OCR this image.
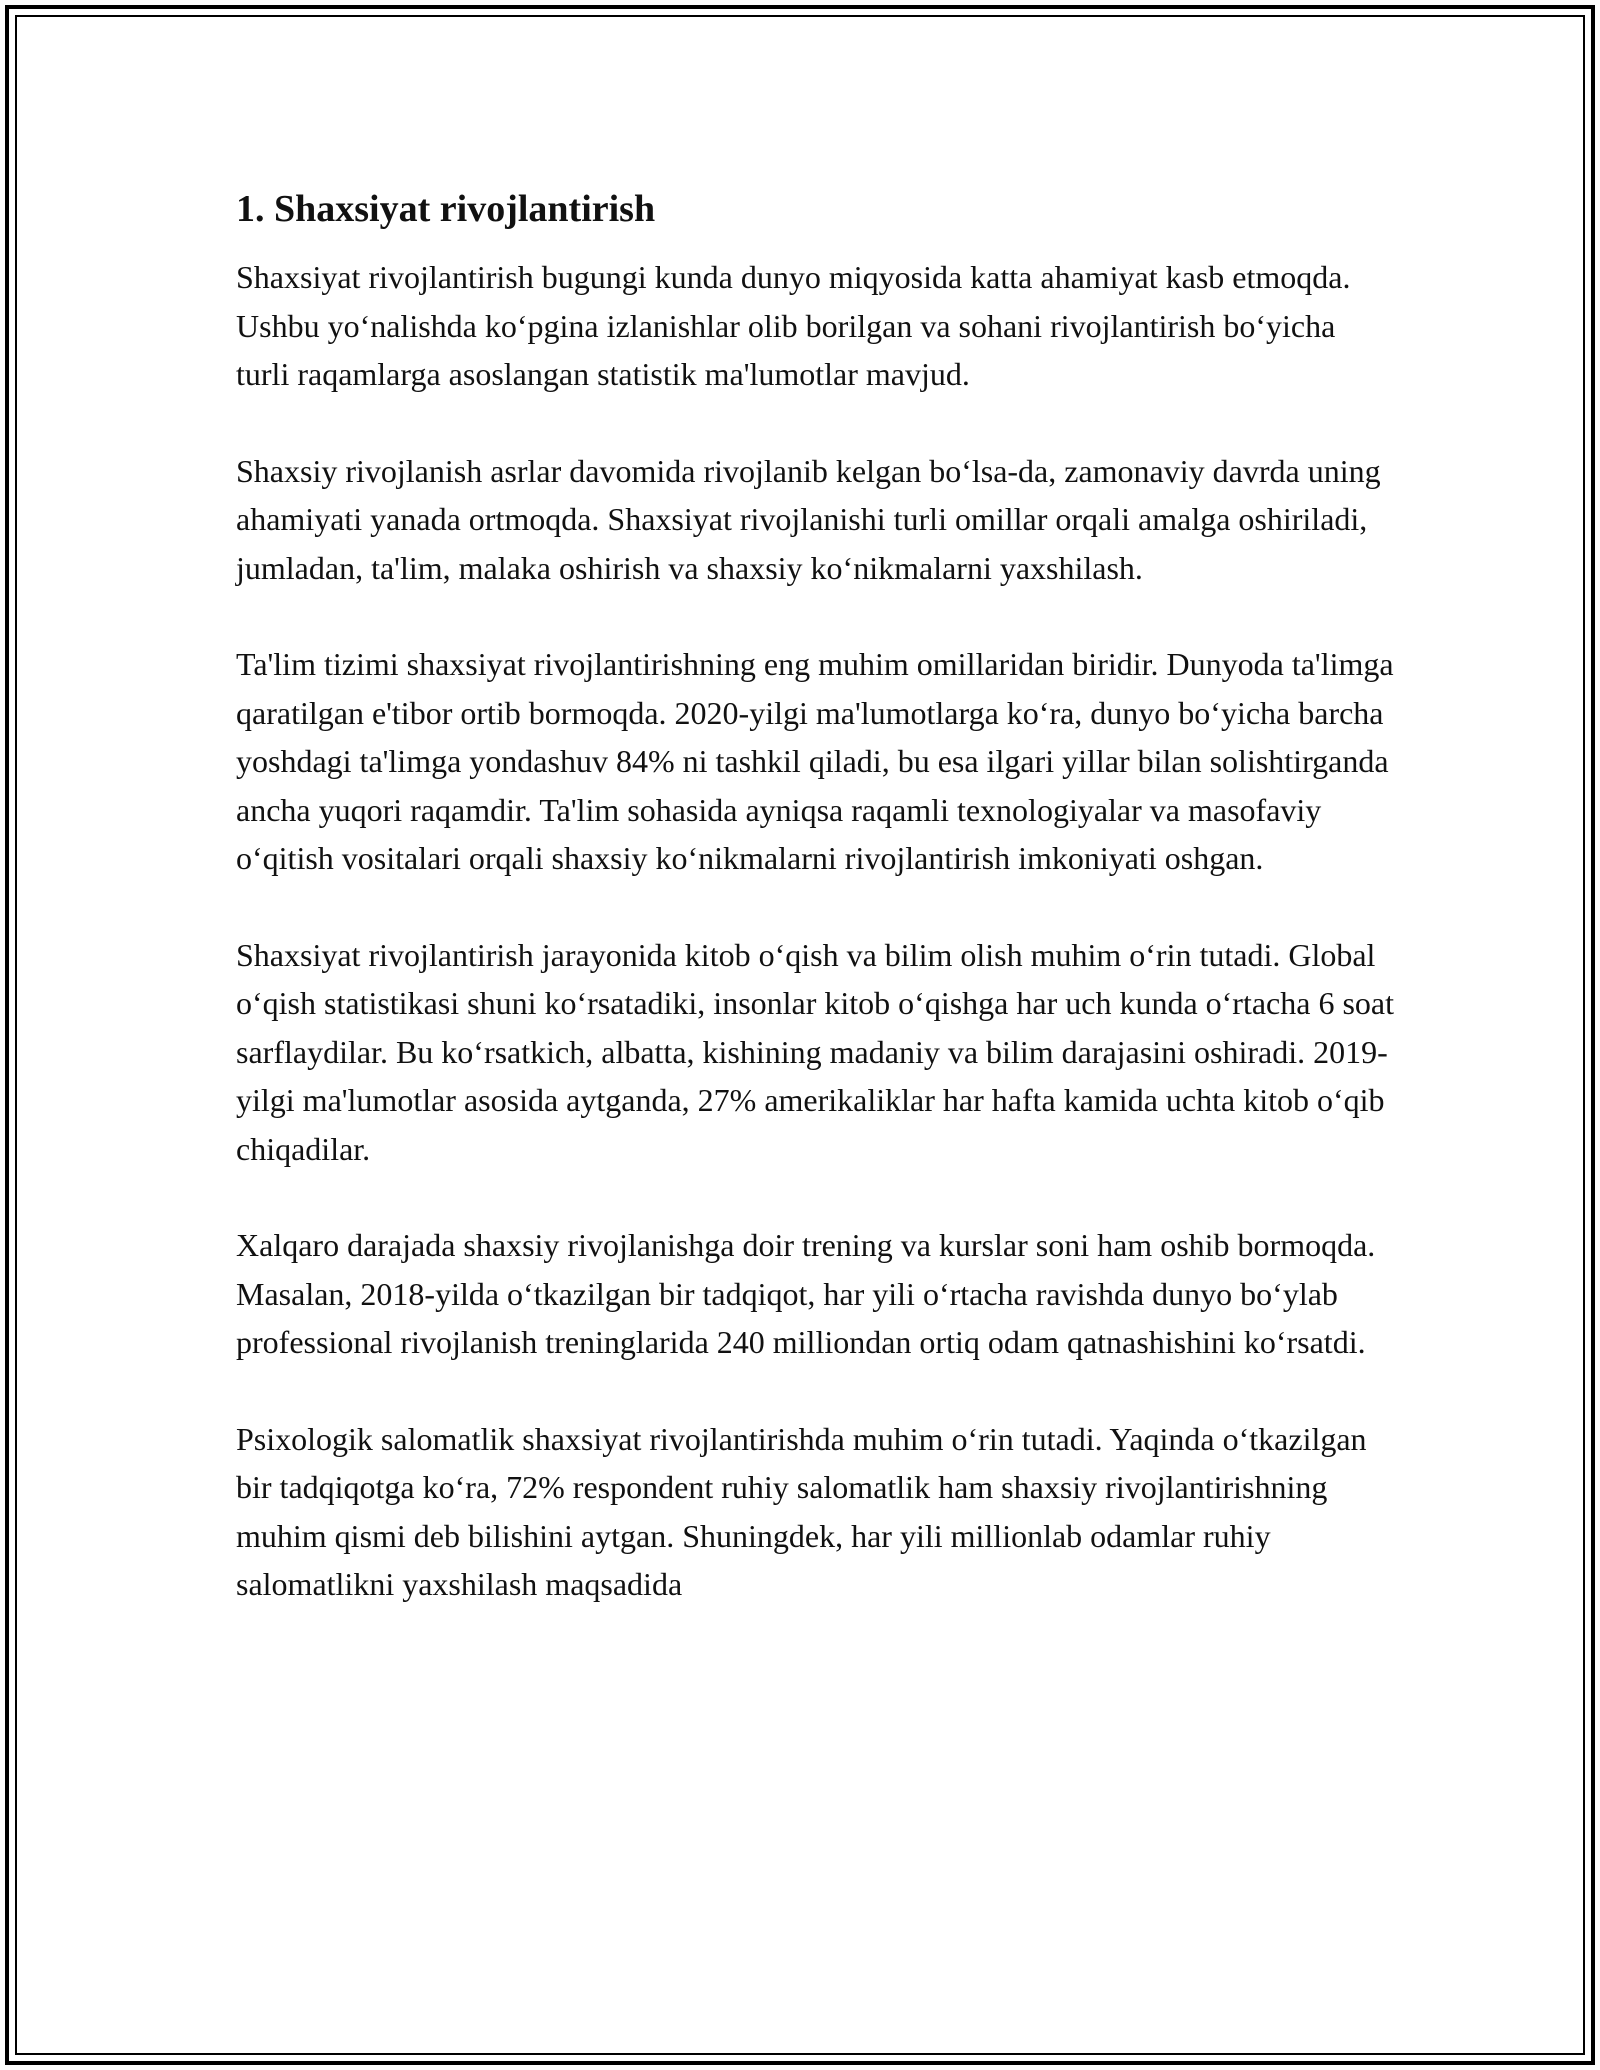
1. Shaxsiyat rivojlantirish

Shaxsiyat rivojlantirish bugungi kunda dunyo miqyosida katta ahamiyat kasb etmoqda. Ushbu yo‘nalishda ko‘pgina izlanishlar olib borilgan va sohani rivojlantirish bo‘yicha turli raqamlarga asoslangan statistik ma'lumotlar mavjud.

Shaxsiy rivojlanish asrlar davomida rivojlanib kelgan bo‘lsa-da, zamonaviy davrda uning ahamiyati yanada ortmoqda. Shaxsiyat rivojlanishi turli omillar orqali amalga oshiriladi, jumladan, ta'lim, malaka oshirish va shaxsiy ko‘nikmalarni yaxshilash.

Ta'lim tizimi shaxsiyat rivojlantirishning eng muhim omillaridan biridir. Dunyoda ta'limga qaratilgan e'tibor ortib bormoqda. 2020-yilgi ma'lumotlarga ko‘ra, dunyo bo‘yicha barcha yoshdagi ta'limga yondashuv 84% ni tashkil qiladi, bu esa ilgari yillar bilan solishtirganda ancha yuqori raqamdir. Ta'lim sohasida ayniqsa raqamli texnologiyalar va masofaviy o‘qitish vositalari orqali shaxsiy ko‘nikmalarni rivojlantirish imkoniyati oshgan.

Shaxsiyat rivojlantirish jarayonida kitob o‘qish va bilim olish muhim o‘rin tutadi. Global o‘qish statistikasi shuni ko‘rsatadiki, insonlar kitob o‘qishga har uch kunda o‘rtacha 6 soat sarflaydilar. Bu ko‘rsatkich, albatta, kishining madaniy va bilim darajasini oshiradi. 2019-yilgi ma'lumotlar asosida aytganda, 27% amerikaliklar har hafta kamida uchta kitob o‘qib chiqadilar.

Xalqaro darajada shaxsiy rivojlanishga doir trening va kurslar soni ham oshib bormoqda. Masalan, 2018-yilda o‘tkazilgan bir tadqiqot, har yili o‘rtacha ravishda dunyo bo‘ylab professional rivojlanish treninglarida 240 milliondan ortiq odam qatnashishini ko‘rsatdi.

Psixologik salomatlik shaxsiyat rivojlantirishda muhim o‘rin tutadi. Yaqinda o‘tkazilgan bir tadqiqotga ko‘ra, 72% respondent ruhiy salomatlik ham shaxsiy rivojlantirishning muhim qismi deb bilishini aytgan. Shuningdek, har yili millionlab odamlar ruhiy salomatlikni yaxshilash maqsadida
